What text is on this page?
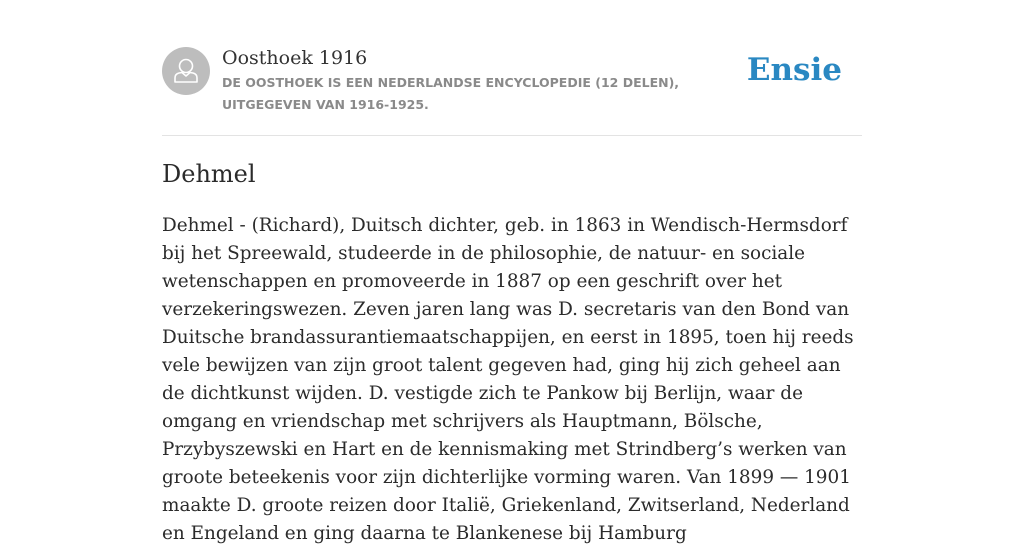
Oosthoek 1916
DE OOSTHOEK IS EEN NEDERLANDSE ENCYCLOPEDIE (12 DELEN), UITGEGEVEN VAN 1916-1925.
Ensie
Dehmel

Dehmel - (Richard), Duitsch dichter, geb. in 1863 in Wendisch-Hermsdorf bij het Spreewald, studeerde in de philosophie, de natuur- en sociale wetenschappen en promoveerde in 1887 op een geschrift over het verzekeringswezen. Zeven jaren lang was D. secretaris van den Bond van Duitsche brandassurantiemaatschappijen, en eerst in 1895, toen hij reeds vele bewijzen van zijn groot talent gegeven had, ging hij zich geheel aan de dichtkunst wijden. D. vestigde zich te Pankow bij Berlijn, waar de omgang en vriendschap met schrijvers als Hauptmann, Bölsche, Przybyszewski en Hart en de kennismaking met Strindberg’s werken van groote beteekenis voor zijn dichterlijke vorming waren. Van 1899 — 1901 maakte D. groote reizen door Italië, Griekenland, Zwitserland, Nederland en Engeland en ging daarna te Blankenese bij Hamburg
